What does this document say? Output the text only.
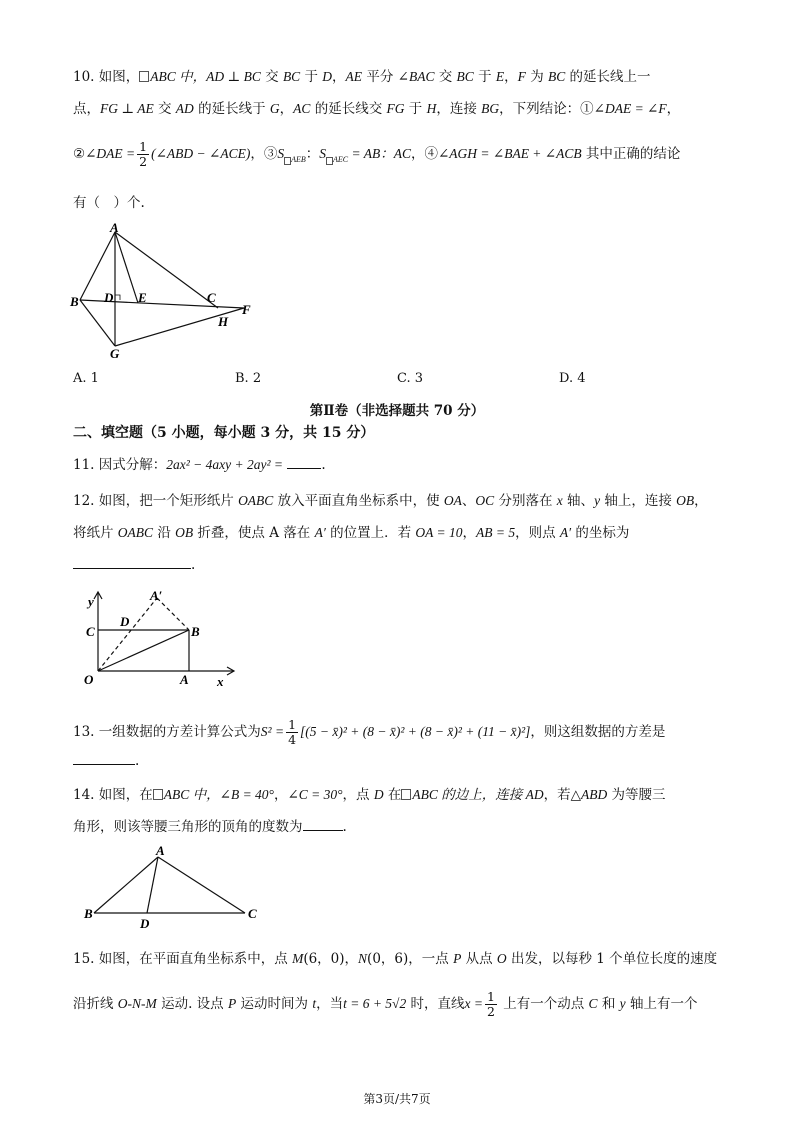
10. 如图， ABC 中，AD ⊥ BC 交 BC 于 D，AE 平分 ∠BAC 交 BC 于 E，F 为 BC 的延长线上一
点，FG ⊥ AE 交 AD 的延长线于 G，AC 的延长线交 FG 于 H，连接 BG，下列结论：①∠DAE = ∠F，
②∠DAE = $\frac{1}{2}$ (∠ABD − ∠ACE)，③S $_{AEB}$：S $_{AEC}$ = AB：AC，④∠AGH = ∠BAE + ∠ACB 其中正确的结论
有（　）个.
A
B D E	C
F
H
G
A. 1	B. 2	C. 3	D. 4
第Ⅱ卷（非选择题共 70 分）
二、填空题（5 小题，每小题 3 分，共 15 分）
11. 因式分解：2ax² − 4axy + 2ay² =	.
12. 如图，把一个矩形纸片 OABC 放入平面直角坐标系中，使 OA、OC 分别落在 x 轴、y 轴上，连接 OB，
将纸片 OABC 沿 OB 折叠，使点 A 落在 A′ 的位置上．若 OA = 10，AB = 5，则点 A′ 的坐标为
.
y
C
D
A′
B
O	A x
13. 一组数据的方差计算公式为$S^2 = \frac{1}{4} [(5$ − x̄)² + (8 − x̄)² + (8 − x̄)² + (11 − x̄)²]，则这组数据的方差是
.
14. 如图，在 ABC 中，∠B = 40°，∠C = 30°，点 D 在 ABC 的边上，连接 AD，若△ABD 为等腰三
角形，则该等腰三角形的顶角的度数为	.
A
B
D
C
15. 如图，在平面直角坐标系中，点 M(6，0)，N(0，6)，一点 P 从点 O 出发，以每秒 1 个单位长度的速度
沿折线 O-N-M 运动. 设点 P 运动时间为 t，当t = 6 + 5√2 时，直线$x = \frac{1}{2}$ 上有一个动点 C 和 y 轴上有一个
第3页/共7页
